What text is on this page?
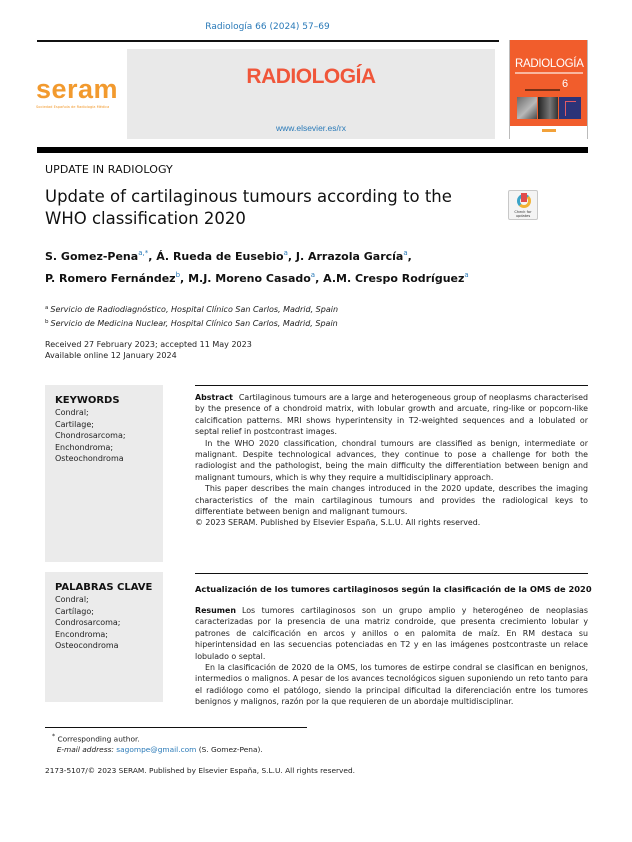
Radiología 66 (2024) 57–69
seram
Sociedad Española de Radiología Médica
RADIOLOGÍA
www.elsevier.es/rx
RADIOLOGÍA
6
UPDATE IN RADIOLOGY
Update of cartilaginous tumours according to the WHO classification 2020	Check for updates
S. Gomez-Pena$^{a,*}$, Á. Rueda de Eusebio$^a$, J. Arrazola García$^a$,
P. Romero Fernández$^b$, M.J. Moreno Casado$^a$, A.M. Crespo Rodríguez$^a$
$^a$ Servicio de Radiodiagnóstico, Hospital Clínico San Carlos, Madrid, Spain
$^b$ Servicio de Medicina Nuclear, Hospital Clínico San Carlos, Madrid, Spain
Received 27 February 2023; accepted 11 May 2023
Available online 12 January 2024
KEYWORDS
Condral;
Cartilage;
Chondrosarcoma;
Enchondroma;
Osteochondroma

Abstract Cartilaginous tumours are a large and heterogeneous group of neoplasms characterised by the presence of a chondroid matrix, with lobular growth and arcuate, ring-like or popcorn-like calcification patterns. MRI shows hyperintensity in T2-weighted sequences and a lobulated or septal relief in postcontrast images.

In the WHO 2020 classification, chondral tumours are classified as benign, intermediate or malignant. Despite technological advances, they continue to pose a challenge for both the radiologist and the pathologist, being the main difficulty the differentiation between benign and malignant tumours, which is why they require a multidisciplinary approach.

This paper describes the main changes introduced in the 2020 update, describes the imaging characteristics of the main cartilaginous tumours and provides the radiological keys to differentiate between benign and malignant tumours.

© 2023 SERAM. Published by Elsevier España, S.L.U. All rights reserved.

PALABRAS CLAVE
Condral;
Cartílago;
Condrosarcoma;
Encondroma;
Osteocondroma
Actualización de los tumores cartilaginosos según la clasificación de la OMS de 2020

Resumen Los tumores cartilaginosos son un grupo amplio y heterogéneo de neoplasias caracterizadas por la presencia de una matriz condroide, que presenta crecimiento lobular y patrones de calcificación en arcos y anillos o en palomita de maíz. En RM destaca su hiperintensidad en las secuencias potenciadas en T2 y en las imágenes postcontraste un relace lobulado o septal.

En la clasificación de 2020 de la OMS, los tumores de estirpe condral se clasifican en benignos, intermedios o malignos. A pesar de los avances tecnológicos siguen suponiendo un reto tanto para el radiólogo como el patólogo, siendo la principal dificultad la diferenciación entre los tumores benignos y malignos, razón por la que requieren de un abordaje multidisciplinar.

* Corresponding author.
E-mail address: sagompe@gmail.com (S. Gomez-Pena).
2173-5107/© 2023 SERAM. Published by Elsevier España, S.L.U. All rights reserved.
